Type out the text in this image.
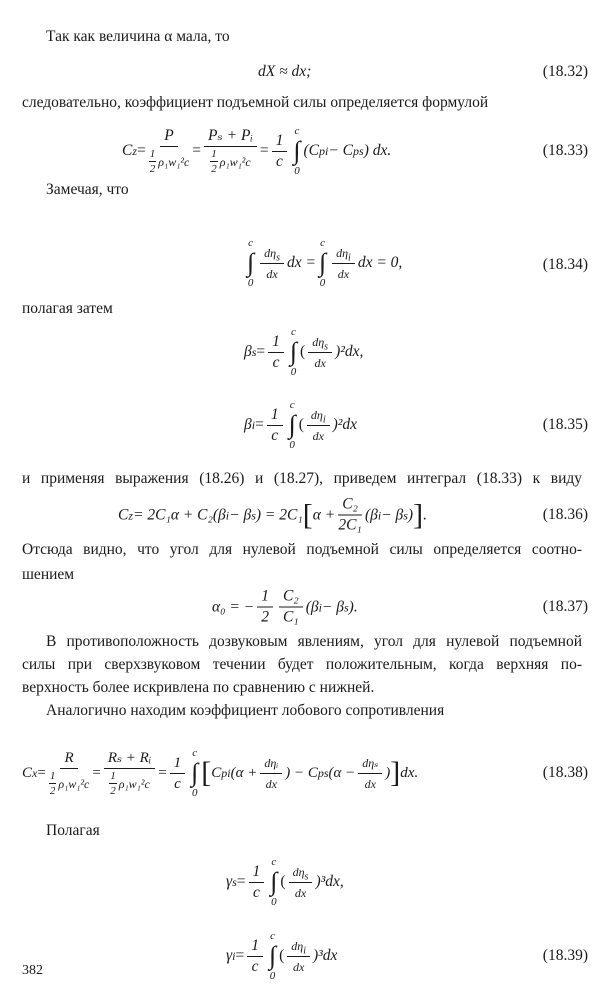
Так как величина α мала, то
dX ≈ dx;	(18.32)
следовательно, коэффициент подъемной силы определяется формулой
C z =
P
1
2
ρ₁w₁²c
=
Pₛ + Pᵢ
1
2
ρ₁w₁²c
= $\frac{1}{c}$
c
∫
0
(C pi − C ps ) dx.	(18.33)
Замечая, что
c
∫
0
$d\eta_s$
dx
dx =
c
∫
0
$d\eta_i$
dx
dx = 0,	(18.34)
полагая затем
β $s = \frac{1}{c}$
c
∫
0
(
$d\eta_s$
dx
)²dx,
β $i = \frac{1}{c}$
c
∫
0
(
$d\eta_i$
dx
)²dx	(18.35)
и применяя выражения (18.26) и (18.27), приведем интеграл (18.33) к виду
C z = 2C₁α + C₂(β i − β s ) = 2C₁ [ $\alpha + \frac{\text{C₂}}{\text{2C₁}} (\beta$ i − β s ) ] .	(18.36)
Отсюда видно, что угол для нулевой подъемной силы определяется соотно-
шением
α₀ = − $\frac{1}{2} C_2$
C₁
(β i − β s ).	(18.37)
В противоположность дозвуковым явлениям, угол для нулевой подъемной
силы при сверхзвуковом течении будет положительным, когда верхняя по-
верхность более искривлена по сравнению с нижней.
Аналогично находим коэффициент лобового сопротивления
C x =
R
1
2
ρ₁w₁²c
=
Rₛ + Rᵢ
1
2
ρ₁w₁²c
= $\frac{1}{c}$
c
∫
0
[ C pi (α +
dηᵢ
dx
) − C ps (α −
dηₛ
dx
) ] dx.	(18.38)
Полагая
γ $s = \frac{1}{c}$
c
∫
0
(
$d\eta_s$
dx
)³dx,
γ $i = \frac{1}{c}$
c
∫
0
(
$d\eta_i$
dx
)³dx	(18.39)
382
